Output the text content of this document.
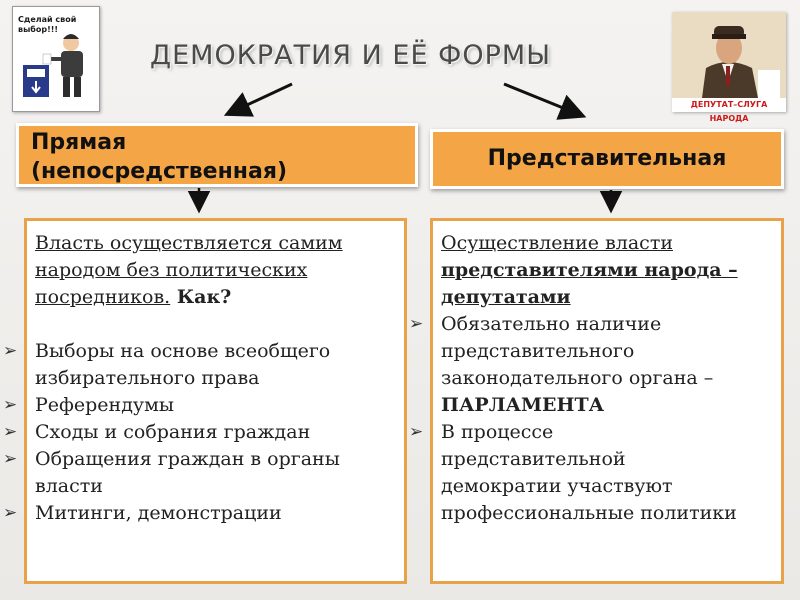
ДЕМОКРАТИЯ И ЕЁ ФОРМЫ
Сделай свой
выбор!!!
ДЕПУТАТ–СЛУГА НАРОДА
Прямая
(непосредственная)
Представительная
Власть осуществляется самим
народом без политических
посредников. Как?
➢ Выборы на основе всеобщего
избирательного права
➢ Референдумы
➢ Сходы и собрания граждан
➢ Обращения граждан в органы
власти
➢ Митинги, демонстрации
Осуществление власти
представителями народа –
депутатами
➢ Обязательно наличие
представительного
законодательного органа –
ПАРЛАМЕНТА
➢ В процессе
представительной
демократии участвуют
профессиональные политики
